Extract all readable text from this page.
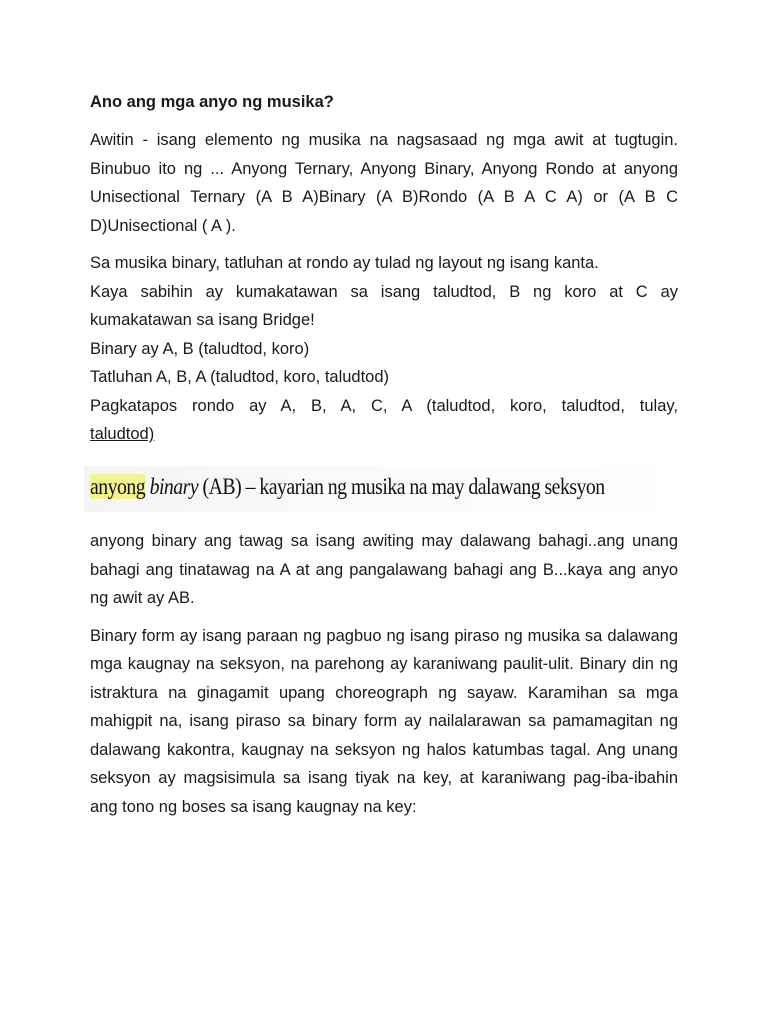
Ano ang mga anyo ng musika?
Awitin - isang elemento ng musika na nagsasaad ng mga awit at tugtugin. Binubuo ito ng ... Anyong Ternary, Anyong Binary, Anyong Rondo at anyong Unisectional Ternary (A B A)Binary (A B)Rondo (A B A C A) or (A B C D)Unisectional ( A ).
Sa musika binary, tatluhan at rondo ay tulad ng layout ng isang kanta.
Kaya sabihin ay kumakatawan sa isang taludtod, B ng koro at C ay kumakatawan sa isang Bridge!
Binary ay A, B (taludtod, koro)
Tatluhan A, B, A (taludtod, koro, taludtod)
Pagkatapos rondo ay A, B, A, C, A (taludtod, koro, taludtod, tulay,
taludtod)
anyong binary (AB) – kayarian ng musika na may dalawang seksyon
anyong binary ang tawag sa isang awiting may dalawang bahagi..ang unang bahagi ang tinatawag na A at ang pangalawang bahagi ang B...kaya ang anyo ng awit ay AB.
Binary form ay isang paraan ng pagbuo ng isang piraso ng musika sa dalawang mga kaugnay na seksyon, na parehong ay karaniwang paulit-ulit. Binary din ng istraktura na ginagamit upang choreograph ng sayaw. Karamihan sa mga mahigpit na, isang piraso sa binary form ay nailalarawan sa pamamagitan ng dalawang kakontra, kaugnay na seksyon ng halos katumbas tagal. Ang unang seksyon ay magsisimula sa isang tiyak na key, at karaniwang pag-iba-ibahin ang tono ng boses sa isang kaugnay na key:
